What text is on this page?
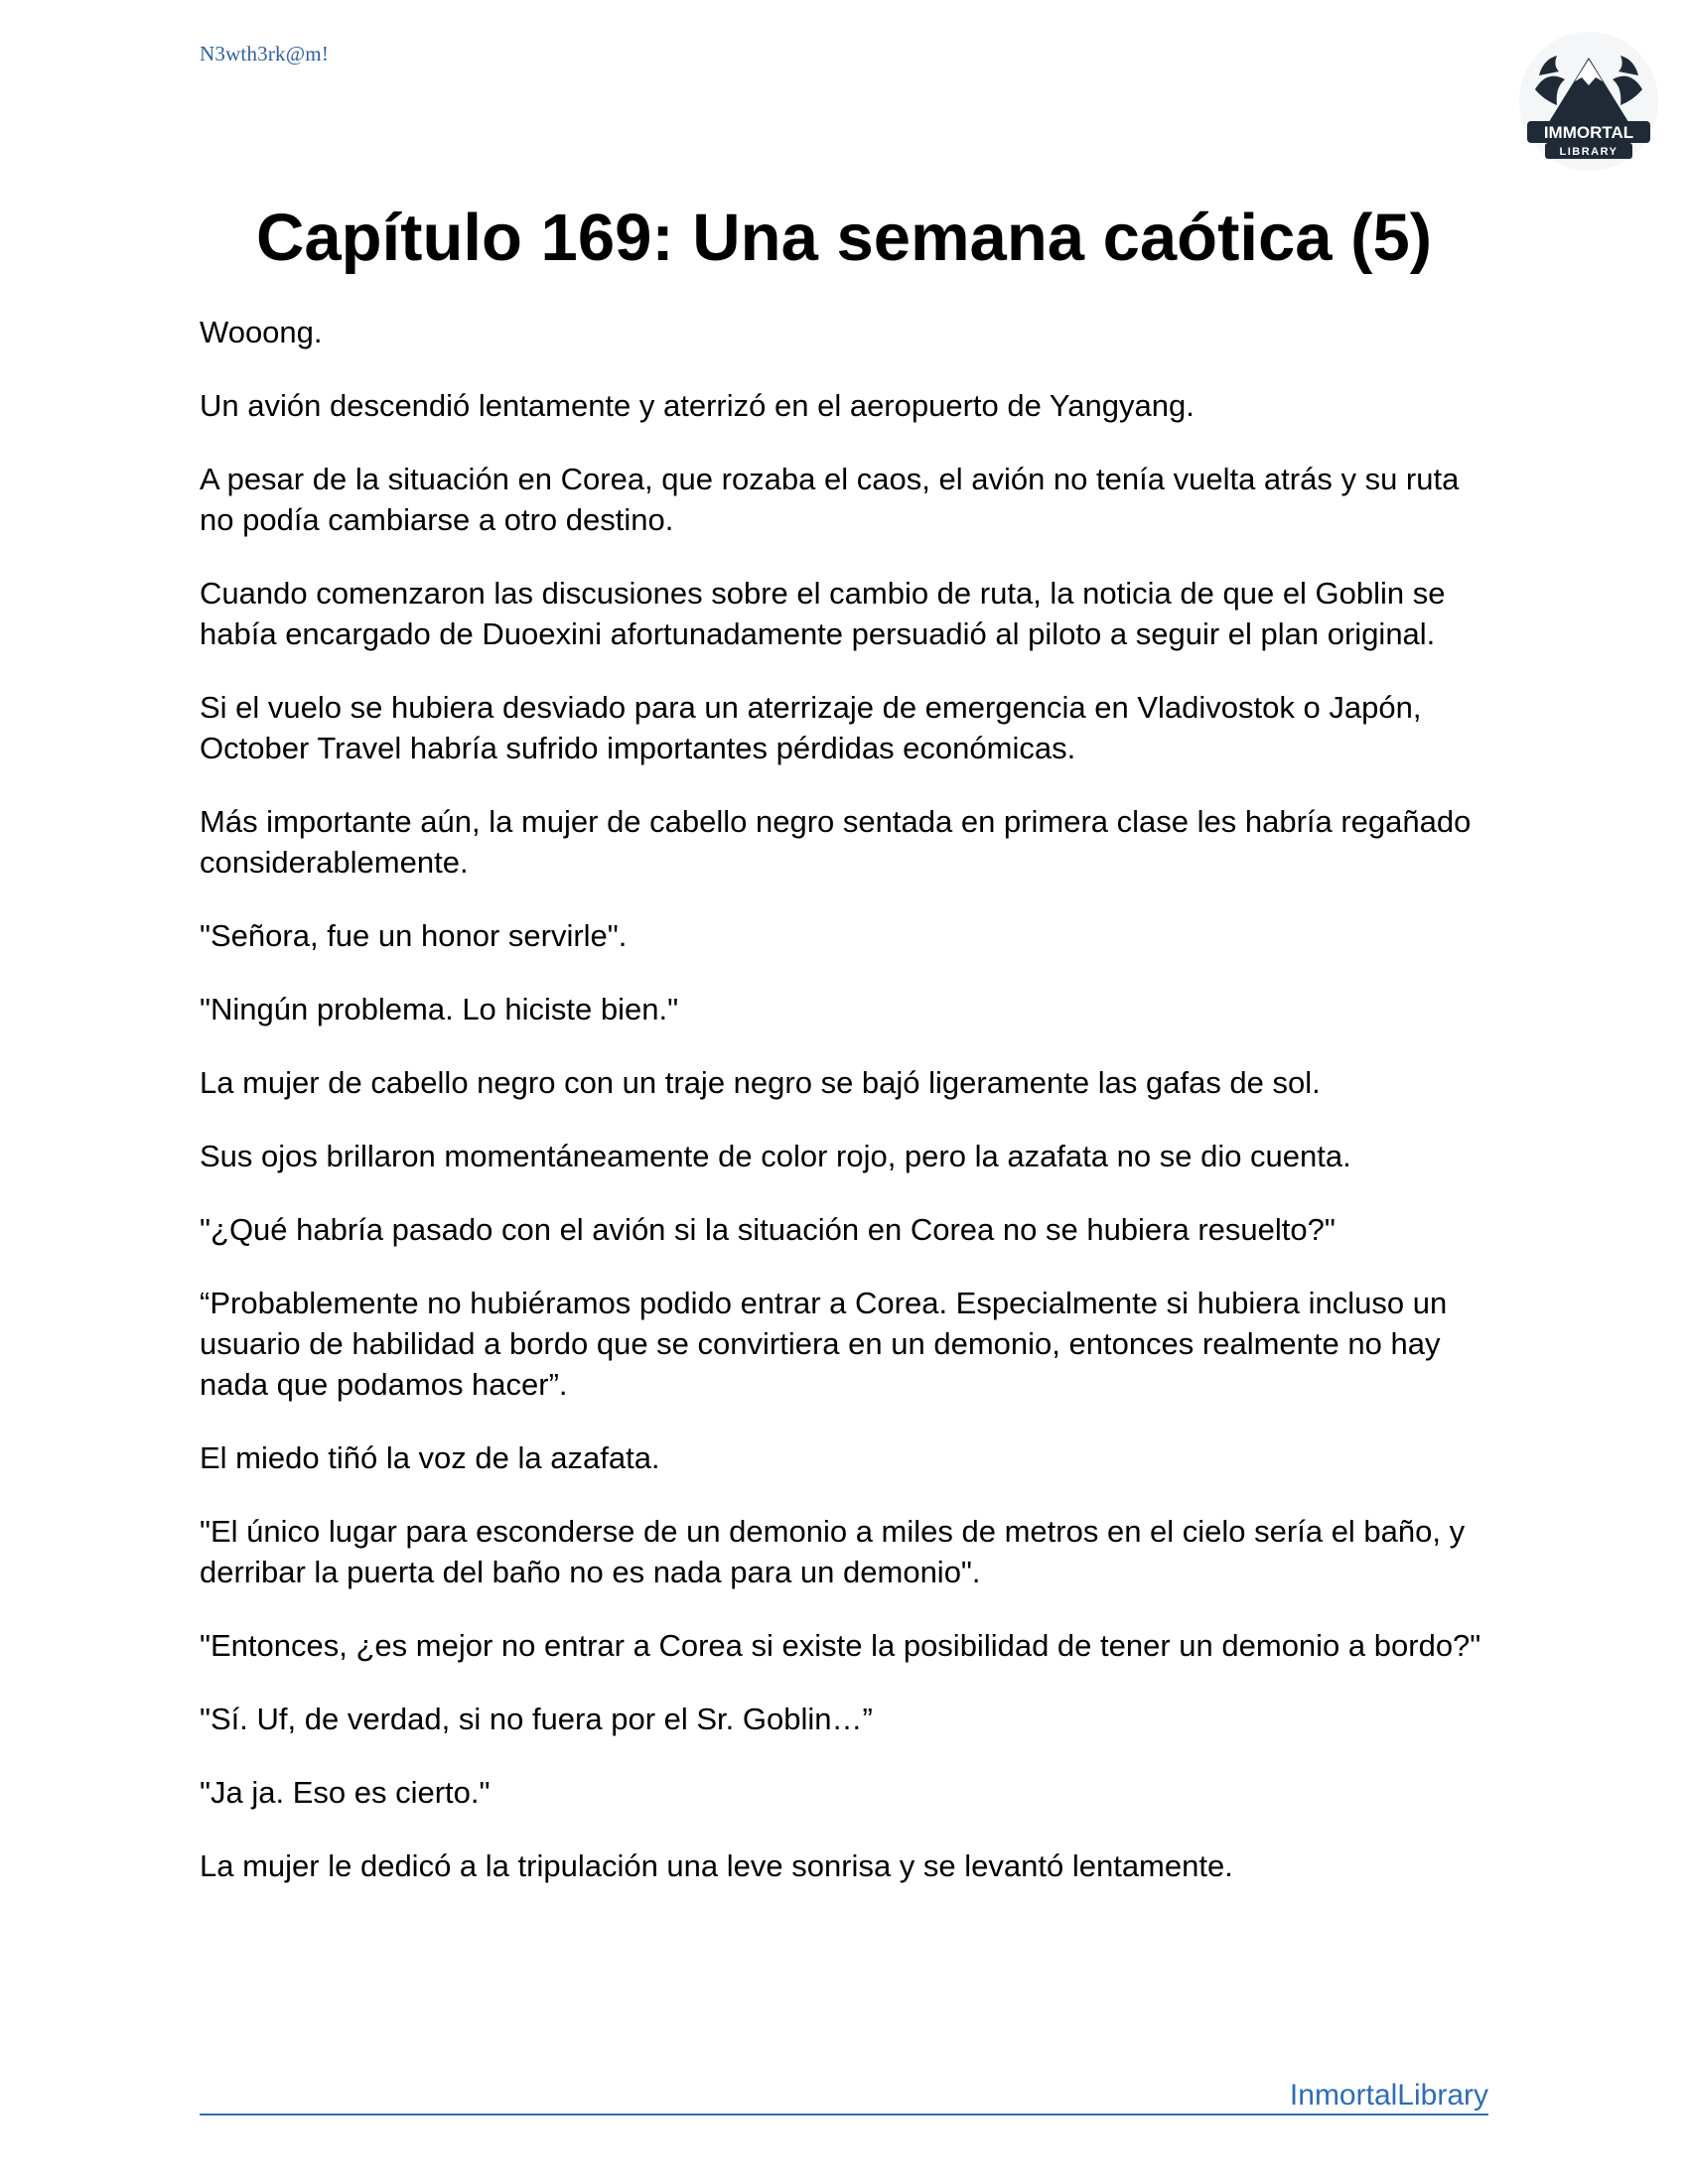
N3wth3rk@m!
IMMORTAL
LIBRARY
Capítulo 169: Una semana caótica (5)

Wooong.

Un avión descendió lentamente y aterrizó en el aeropuerto de Yangyang.

A pesar de la situación en Corea, que rozaba el caos, el avión no tenía vuelta atrás y su ruta no podía cambiarse a otro destino.

Cuando comenzaron las discusiones sobre el cambio de ruta, la noticia de que el Goblin se había encargado de Duoexini afortunadamente persuadió al piloto a seguir el plan original.

Si el vuelo se hubiera desviado para un aterrizaje de emergencia en Vladivostok o Japón, October Travel habría sufrido importantes pérdidas económicas.

Más importante aún, la mujer de cabello negro sentada en primera clase les habría regañado considerablemente.

"Señora, fue un honor servirle".

"Ningún problema. Lo hiciste bien."

La mujer de cabello negro con un traje negro se bajó ligeramente las gafas de sol.

Sus ojos brillaron momentáneamente de color rojo, pero la azafata no se dio cuenta.

"¿Qué habría pasado con el avión si la situación en Corea no se hubiera resuelto?"

“Probablemente no hubiéramos podido entrar a Corea. Especialmente si hubiera incluso un usuario de habilidad a bordo que se convirtiera en un demonio, entonces realmente no hay nada que podamos hacer”.

El miedo tiñó la voz de la azafata.

"El único lugar para esconderse de un demonio a miles de metros en el cielo sería el baño, y derribar la puerta del baño no es nada para un demonio".

"Entonces, ¿es mejor no entrar a Corea si existe la posibilidad de tener un demonio a bordo?"

"Sí. Uf, de verdad, si no fuera por el Sr. Goblin…”

"Ja ja. Eso es cierto."

La mujer le dedicó a la tripulación una leve sonrisa y se levantó lentamente.

InmortalLibrary
